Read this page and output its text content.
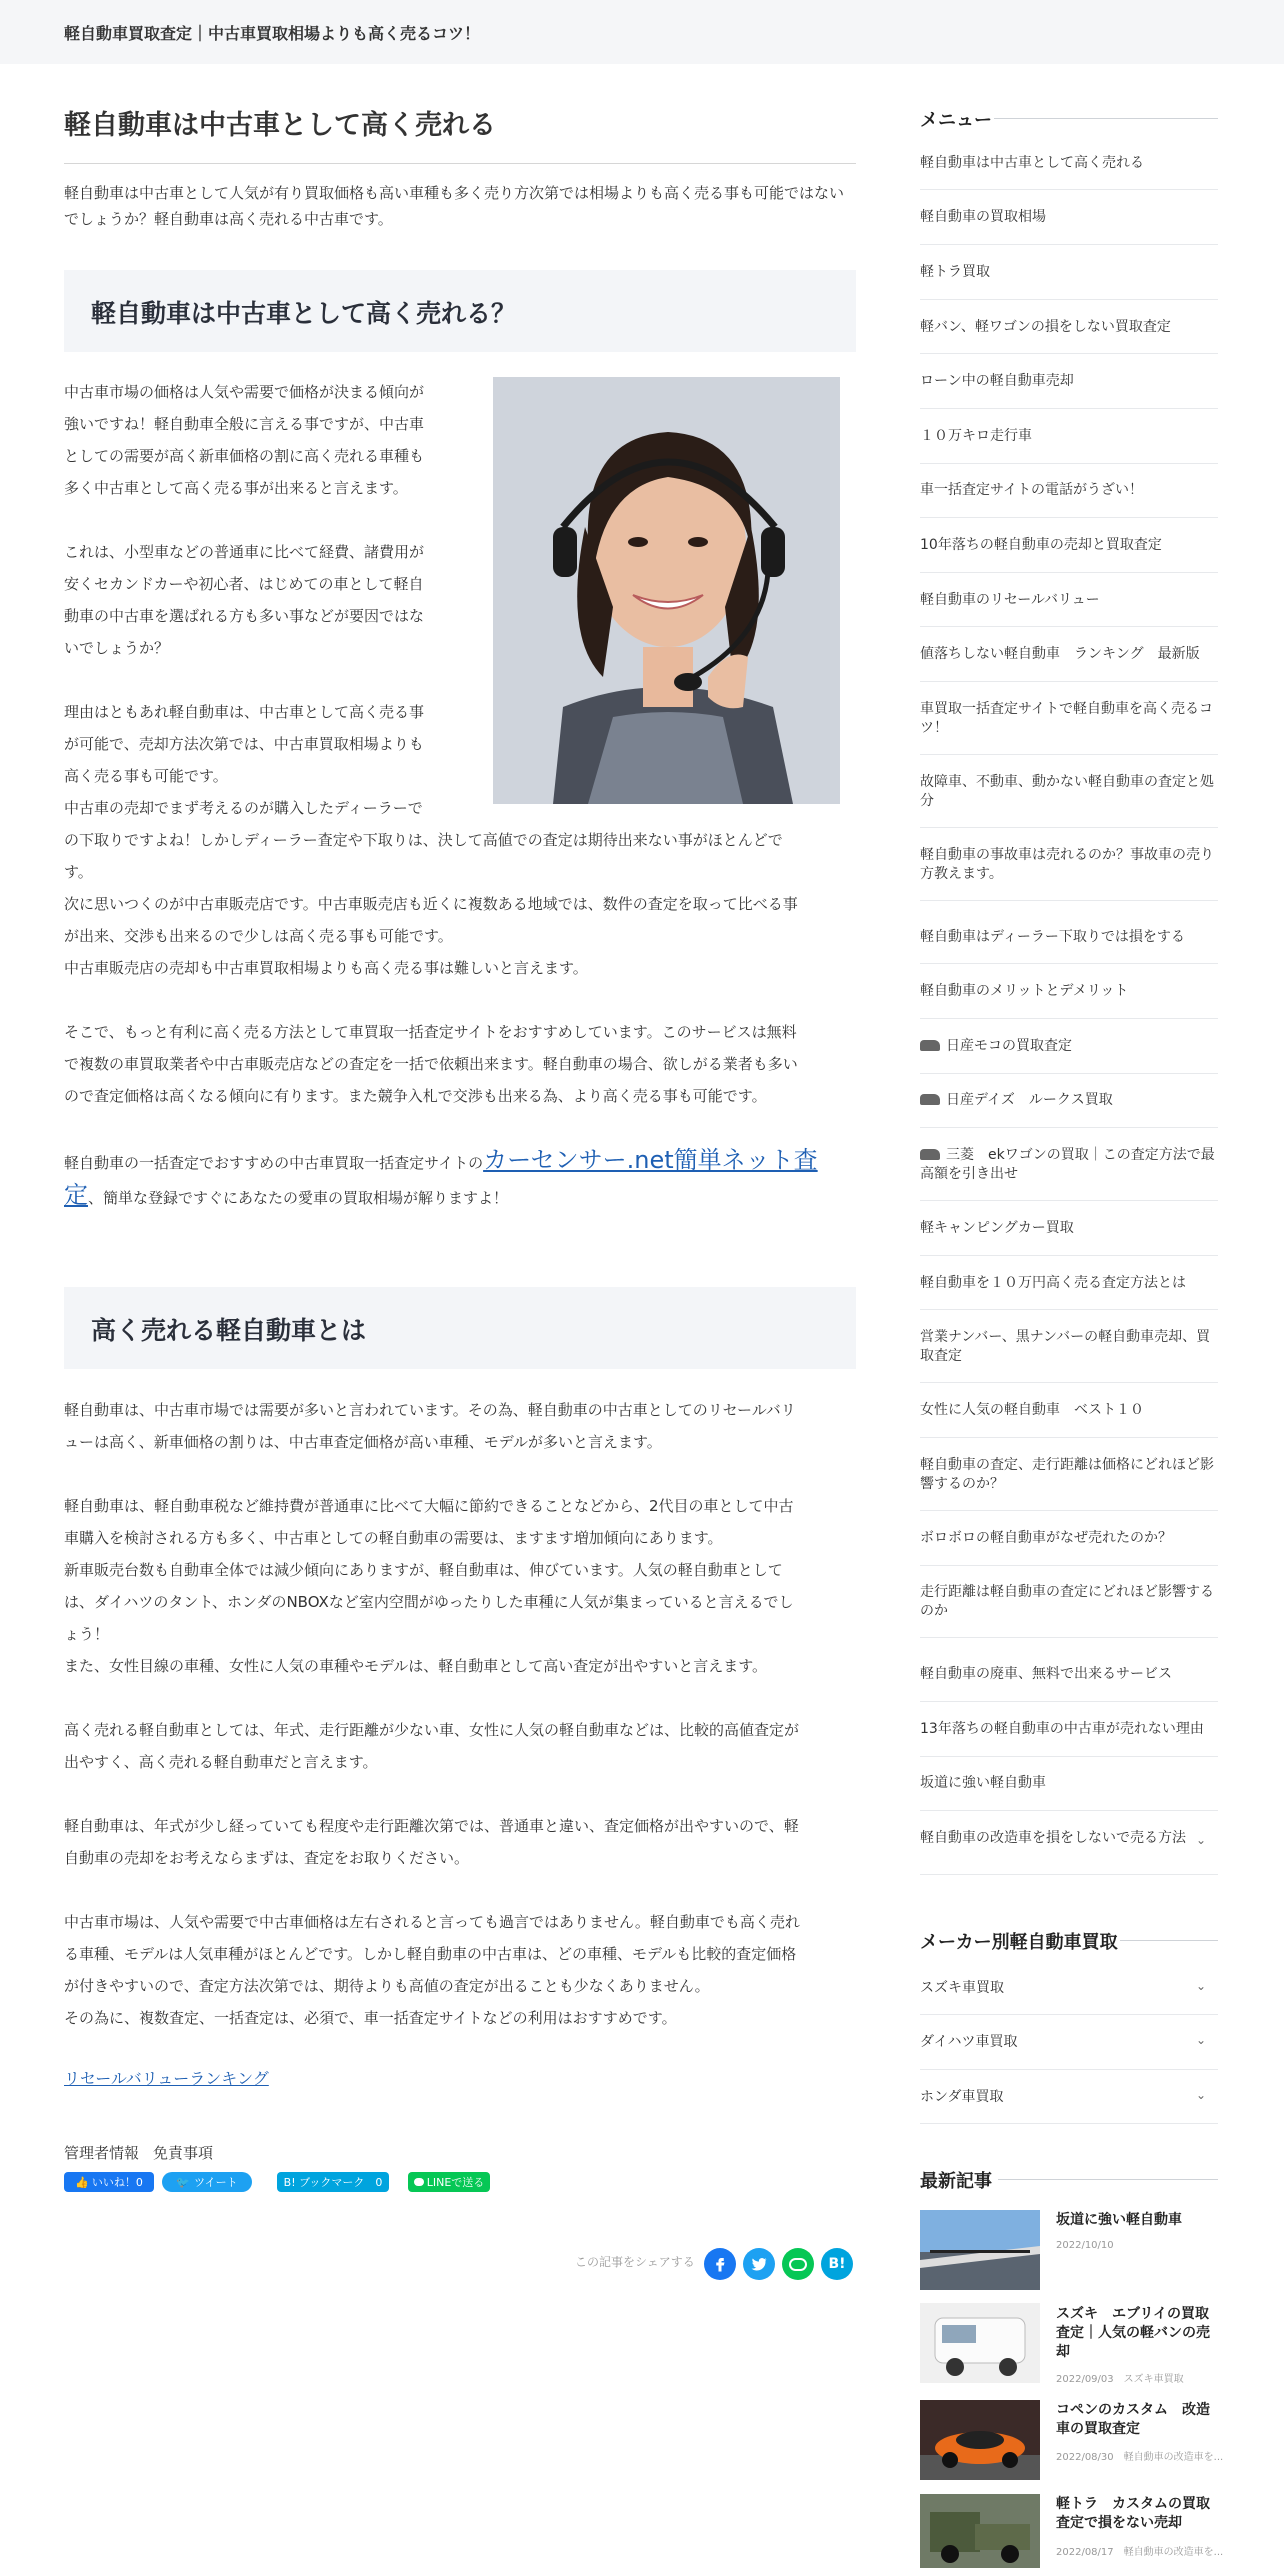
軽自動車買取査定｜中古車買取相場よりも高く売るコツ！
軽自動車は中古車として高く売れる

軽自動車は中古車として人気が有り買取価格も高い車種も多く売り方次第では相場よりも高く売る事も可能ではないでしょうか？軽自動車は高く売れる中古車です。

軽自動車は中古車として高く売れる？
中古車市場の価格は人気や需要で価格が決まる傾向が
強いですね！軽自動車全般に言える事ですが、中古車
としての需要が高く新車価格の割に高く売れる車種も
多く中古車として高く売る事が出来ると言えます。
これは、小型車などの普通車に比べて経費、諸費用が
安くセカンドカーや初心者、はじめての車として軽自
動車の中古車を選ばれる方も多い事などが要因ではな
いでしょうか？
理由はともあれ軽自動車は、中古車として高く売る事
が可能で、売却方法次第では、中古車買取相場よりも
高く売る事も可能です。
中古車の売却でまず考えるのが購入したディーラーで
の下取りですよね！しかしディーラー査定や下取りは、決して高値での査定は期待出来ない事がほとんどで
す。
次に思いつくのが中古車販売店です。中古車販売店も近くに複数ある地域では、数件の査定を取って比べる事
が出来、交渉も出来るので少しは高く売る事も可能です。
中古車販売店の売却も中古車買取相場よりも高く売る事は難しいと言えます。
そこで、もっと有利に高く売る方法として車買取一括査定サイトをおすすめしています。このサービスは無料
で複数の車買取業者や中古車販売店などの査定を一括で依頼出来ます。軽自動車の場合、欲しがる業者も多い
ので査定価格は高くなる傾向に有ります。また競争入札で交渉も出来る為、より高く売る事も可能です。
軽自動車の一括査定でおすすめの中古車買取一括査定サイトのカーセンサー.net簡単ネット査定、簡単な登録ですぐにあなたの愛車の買取相場が解りますよ！
高く売れる軽自動車とは
軽自動車は、中古車市場では需要が多いと言われています。その為、軽自動車の中古車としてのリセールバリ
ューは高く、新車価格の割りは、中古車査定価格が高い車種、モデルが多いと言えます。
軽自動車は、軽自動車税など維持費が普通車に比べて大幅に節約できることなどから、2代目の車として中古
車購入を検討される方も多く、中古車としての軽自動車の需要は、ますます増加傾向にあります。
新車販売台数も自動車全体では減少傾向にありますが、軽自動車は、伸びています。人気の軽自動車として
は、ダイハツのタント、ホンダのNBOXなど室内空間がゆったりした車種に人気が集まっていると言えるでし
ょう！
また、女性目線の車種、女性に人気の車種やモデルは、軽自動車として高い査定が出やすいと言えます。
高く売れる軽自動車としては、年式、走行距離が少ない車、女性に人気の軽自動車などは、比較的高値査定が
出やすく、高く売れる軽自動車だと言えます。
軽自動車は、年式が少し経っていても程度や走行距離次第では、普通車と違い、査定価格が出やすいので、軽
自動車の売却をお考えならまずは、査定をお取りください。
中古車市場は、人気や需要で中古車価格は左右されると言っても過言ではありません。軽自動車でも高く売れ
る車種、モデルは人気車種がほとんどです。しかし軽自動車の中古車は、どの車種、モデルも比較的査定価格
が付きやすいので、査定方法次第では、期待よりも高値の査定が出ることも少なくありません。
その為に、複数査定、一括査定は、必須で、車一括査定サイトなどの利用はおすすめです。
リセールバリューランキング
管理者情報 免責事項
👍 いいね！0	🐦 ツイート	B! ブックマーク　0	LINEで送る
この記事をシェアする	B!
メニュー
軽自動車は中古車として高く売れる
軽自動車の買取相場
軽トラ買取
軽バン、軽ワゴンの損をしない買取査定
ローン中の軽自動車売却
１０万キロ走行車
車一括査定サイトの電話がうざい！
10年落ちの軽自動車の売却と買取査定
軽自動車のリセールバリュー
値落ちしない軽自動車　ランキング　最新版
車買取一括査定サイトで軽自動車を高く売るコツ！
故障車、不動車、動かない軽自動車の査定と処分
軽自動車の事故車は売れるのか？事故車の売り方教えます。
軽自動車はディーラー下取りでは損をする
軽自動車のメリットとデメリット
日産モコの買取査定
日産デイズ　ルークス買取
三菱　ekワゴンの買取｜この査定方法で最高額を引き出せ
軽キャンピングカー買取
軽自動車を１０万円高く売る査定方法とは
営業ナンバー、黒ナンバーの軽自動車売却、買取査定
女性に人気の軽自動車　ベスト１０
軽自動車の査定、走行距離は価格にどれほど影響するのか？
ボロボロの軽自動車がなぜ売れたのか？
走行距離は軽自動車の査定にどれほど影響するのか
軽自動車の廃車、無料で出来るサービス
13年落ちの軽自動車の中古車が売れない理由
坂道に強い軽自動車
軽自動車の改造車を損をしないで売る方法 ⌄
メーカー別軽自動車買取
スズキ車買取	⌄
ダイハツ車買取	⌄
ホンダ車買取	⌄
最新記事
坂道に強い軽自動車
2022/10/10
スズキ　エブリイの買取査定｜人気の軽バンの売却
2022/09/03　 スズキ車買取
コペンのカスタム　改造車の買取査定
2022/08/30　 軽自動車の改造車を...
軽トラ　カスタムの買取査定で損をない売却
2022/08/17　 軽自動車の改造車を...
